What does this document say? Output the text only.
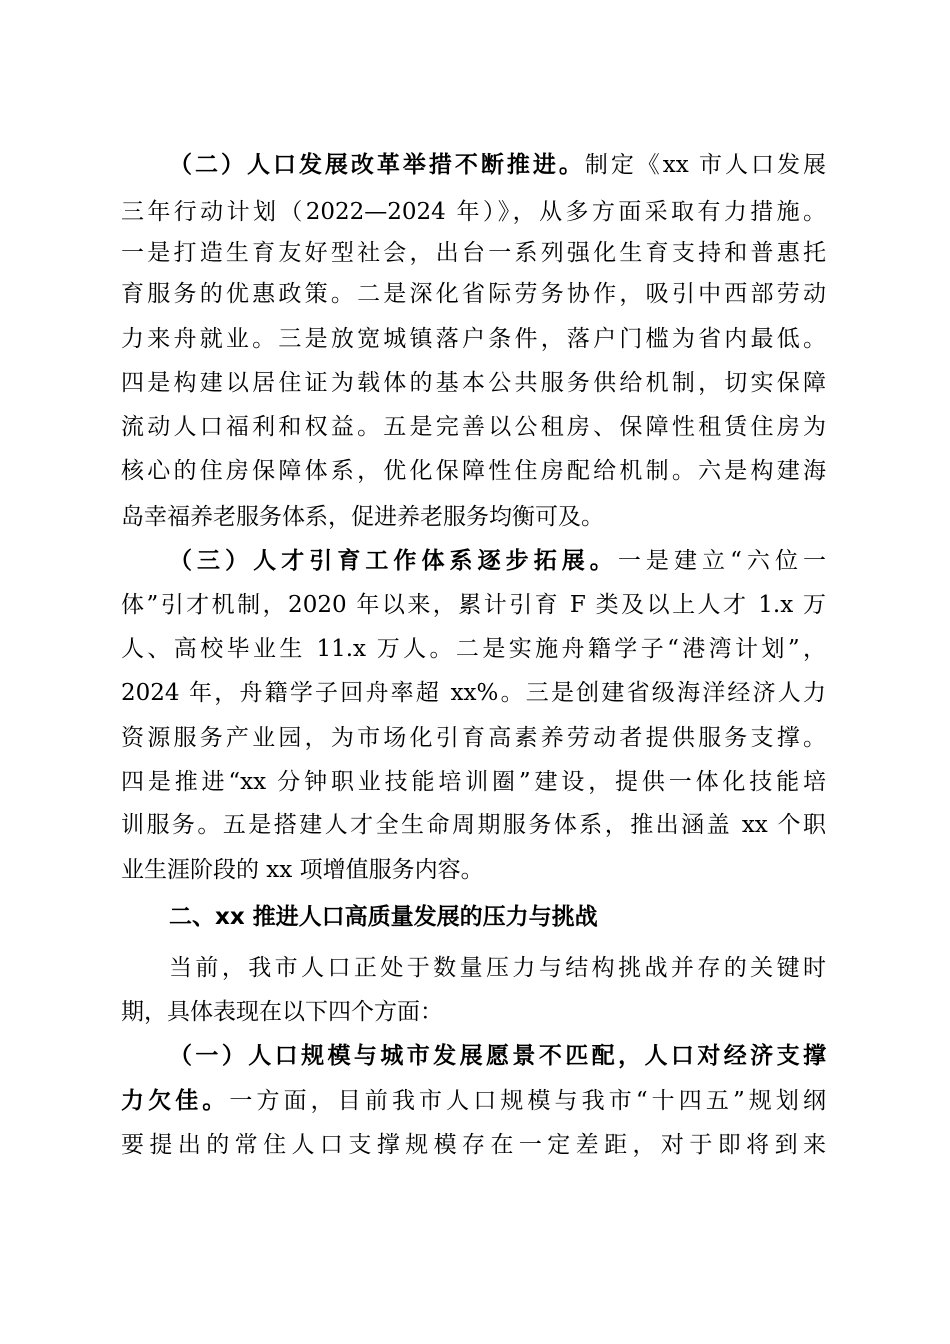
（二）人口发展改革举措不断推进。制定《xx 市人口发展
三年行动计划（2022—2024 年）》，从多方面采取有力措施。
一是打造生育友好型社会，出台一系列强化生育支持和普惠托
育服务的优惠政策。二是深化省际劳务协作，吸引中西部劳动
力来舟就业。三是放宽城镇落户条件，落户门槛为省内最低。
四是构建以居住证为载体的基本公共服务供给机制，切实保障
流动人口福利和权益。五是完善以公租房、保障性租赁住房为
核心的住房保障体系，优化保障性住房配给机制。六是构建海
岛幸福养老服务体系，促进养老服务均衡可及。
（三）人才引育工作体系逐步拓展。一是建立“六位一
体”引才机制，2020 年以来，累计引育 F 类及以上人才 1.x 万
人、高校毕业生 11.x 万人。二是实施舟籍学子“港湾计划”，
2024 年，舟籍学子回舟率超 xx%。三是创建省级海洋经济人力
资源服务产业园，为市场化引育高素养劳动者提供服务支撑。
四是推进“xx 分钟职业技能培训圈”建设，提供一体化技能培
训服务。五是搭建人才全生命周期服务体系，推出涵盖 xx 个职
业生涯阶段的 xx 项增值服务内容。
二、xx 推进人口高质量发展的压力与挑战
当前，我市人口正处于数量压力与结构挑战并存的关键时
期，具体表现在以下四个方面：
（一）人口规模与城市发展愿景不匹配，人口对经济支撑
力欠佳。一方面，目前我市人口规模与我市“十四五”规划纲
要提出的常住人口支撑规模存在一定差距，对于即将到来
